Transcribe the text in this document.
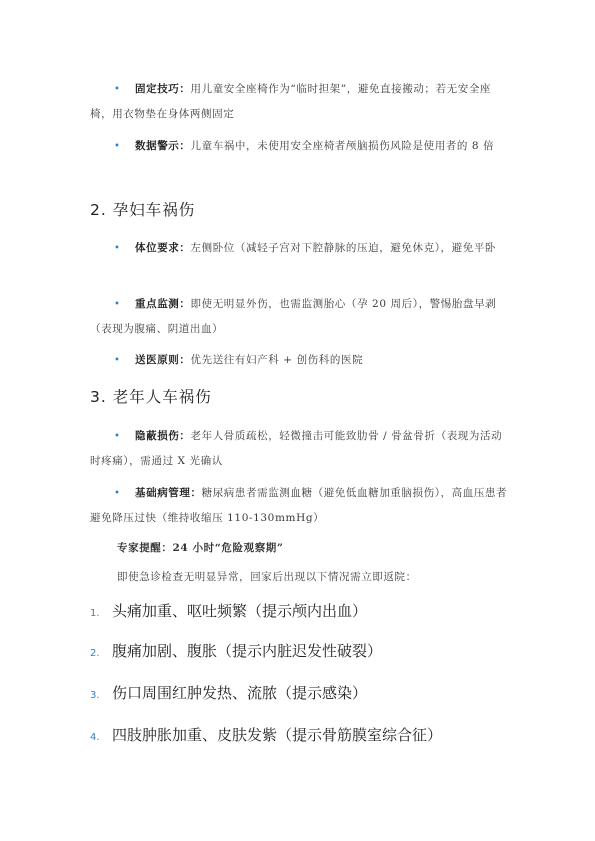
•	固定技巧：用儿童安全座椅作为“临时担架”，避免直接搬动；若无安全座椅，用衣物垫在身体两侧固定
•	数据警示：儿童车祸中，未使用安全座椅者颅脑损伤风险是使用者的 8 倍
2. 孕妇车祸伤
•	体位要求：左侧卧位（减轻子宫对下腔静脉的压迫，避免休克），避免平卧
•	重点监测：即使无明显外伤，也需监测胎心（孕 20 周后），警惕胎盘早剥（表现为腹痛、阴道出血）
•	送医原则：优先送往有妇产科 + 创伤科的医院
3. 老年人车祸伤
•	隐蔽损伤：老年人骨质疏松，轻微撞击可能致肋骨 / 骨盆骨折（表现为活动时疼痛），需通过 X 光确认
•	基础病管理：糖尿病患者需监测血糖（避免低血糖加重脑损伤），高血压患者避免降压过快（维持收缩压 110-130mmHg）
专家提醒：24 小时“危险观察期”
即使急诊检查无明显异常，回家后出现以下情况需立即返院：
1. 头痛加重、呕吐频繁（提示颅内出血）
2. 腹痛加剧、腹胀（提示内脏迟发性破裂）
3. 伤口周围红肿发热、流脓（提示感染）
4. 四肢肿胀加重、皮肤发紫（提示骨筋膜室综合征）
